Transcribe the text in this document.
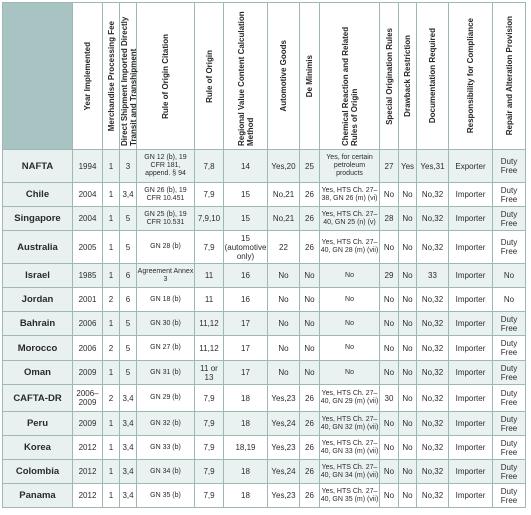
	Year Implemented	Merchandise Processing Fee	Direct Shipment Imported Directly Transit and Transhipment	Rule of Origin Citation	Rule of Origin	Regional Value Content Calculation Method	Automotive Goods	De Minimis	Chemical Reaction and Related Rules of Origin	Special Origination Rules	Drawback Restriction	Documentation Required	Responsibility for Compliance	Repair and Alteration Provision

NAFTA	1994	1	3	GN 12 (b), 19 CFR 181, append. § 94	7,8	14	Yes,20	25	Yes, for certain petroleum products	27	Yes	Yes,31	Exporter	Duty Free
Chile	2004	1	3,4	GN 26 (b), 19 CFR 10.451	7,9	15	No,21	26	Yes, HTS Ch. 27–38, GN 26 (m) (vi)	No	No	No,32	Importer	Duty Free
Singapore	2004	1	5	GN 25 (b), 19 CFR 10.531	7,9,10	15	No,21	26	Yes, HTS Ch. 27–40, GN 25 (n) (v)	28	No	No,32	Importer	Duty Free
Australia	2005	1	5	GN 28 (b)	7,9	15 (automotive only)	22	26	Yes, HTS Ch. 27–40, GN 28 (m) (vii)	No	No	No,32	Importer	Duty Free
Israel	1985	1	6	Agreement Annex 3	11	16	No	No	No	29	No	33	Importer	No
Jordan	2001	2	6	GN 18 (b)	11	16	No	No	No	No	No	No,32	Importer	No
Bahrain	2006	1	5	GN 30 (b)	11,12	17	No	No	No	No	No	No,32	Importer	Duty Free
Morocco	2006	2	5	GN 27 (b)	11,12	17	No	No	No	No	No	No,32	Importer	Duty Free
Oman	2009	1	5	GN 31 (b)	11 or 13	17	No	No	No	No	No	No,32	Importer	Duty Free
CAFTA-DR	2006–2009	2	3,4	GN 29 (b)	7,9	18	Yes,23	26	Yes, HTS Ch. 27–40, GN 29 (m) (vii)	30	No	No,32	Importer	Duty Free
Peru	2009	1	3,4	GN 32 (b)	7,9	18	Yes,24	26	Yes, HTS Ch. 27–40, GN 32 (m) (vii)	No	No	No,32	Importer	Duty Free
Korea	2012	1	3,4	GN 33 (b)	7,9	18,19	Yes,23	26	Yes, HTS Ch. 27–40, GN 33 (m) (vii)	No	No	No,32	Importer	Duty Free
Colombia	2012	1	3,4	GN 34 (b)	7,9	18	Yes,24	26	Yes, HTS Ch. 27–40, GN 34 (m) (vii)	No	No	No,32	Importer	Duty Free
Panama	2012	1	3,4	GN 35 (b)	7,9	18	Yes,23	26	Yes, HTS Ch. 27–40, GN 35 (m) (vii)	No	No	No,32	Importer	Duty Free
